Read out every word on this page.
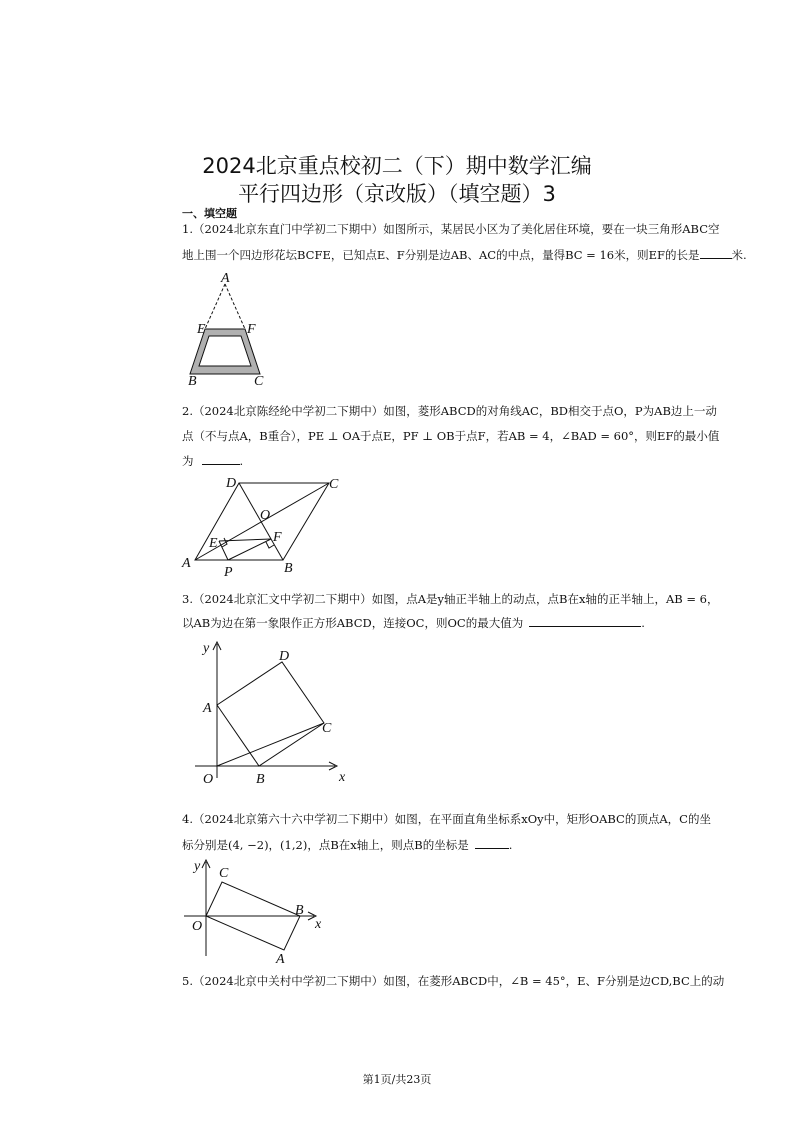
2024北京重点校初二（下）期中数学汇编
平行四边形（京改版）（填空题）3
一、填空题
1.（2024北京东直门中学初二下期中）如图所示，某居民小区为了美化居住环境，要在一块三角形ABC空
地上围一个四边形花坛BCFE，已知点E、F分别是边AB、AC的中点，量得BC = 16米，则EF的长是	米.
A
E	F
B	C
2.（2024北京陈经纶中学初二下期中）如图，菱形ABCD的对角线AC，BD相交于点O，P为AB边上一动
点（不与点A，B重合），PE ⊥ OA于点E，PF ⊥ OB于点F，若AB = 4，∠BAD = 60°，则EF的最小值
为	.
D	C
O
E	F
A	B
P
3.（2024北京汇文中学初二下期中）如图，点A是y轴正半轴上的动点，点B在x轴的正半轴上，AB = 6，
以AB为边在第一象限作正方形ABCD，连接OC，则OC的最大值为	.
y
x
O
A
B
C
D
4.（2024北京第六十六中学初二下期中）如图，在平面直角坐标系xOy中，矩形OABC的顶点A，C的坐
标分别是(4, −2)，(1,2)，点B在x轴上，则点B的坐标是	.
y
x
O
C
B
A
5.（2024北京中关村中学初二下期中）如图，在菱形ABCD中，∠B = 45°，E、F分别是边CD,BC上的动
第1页/共23页
